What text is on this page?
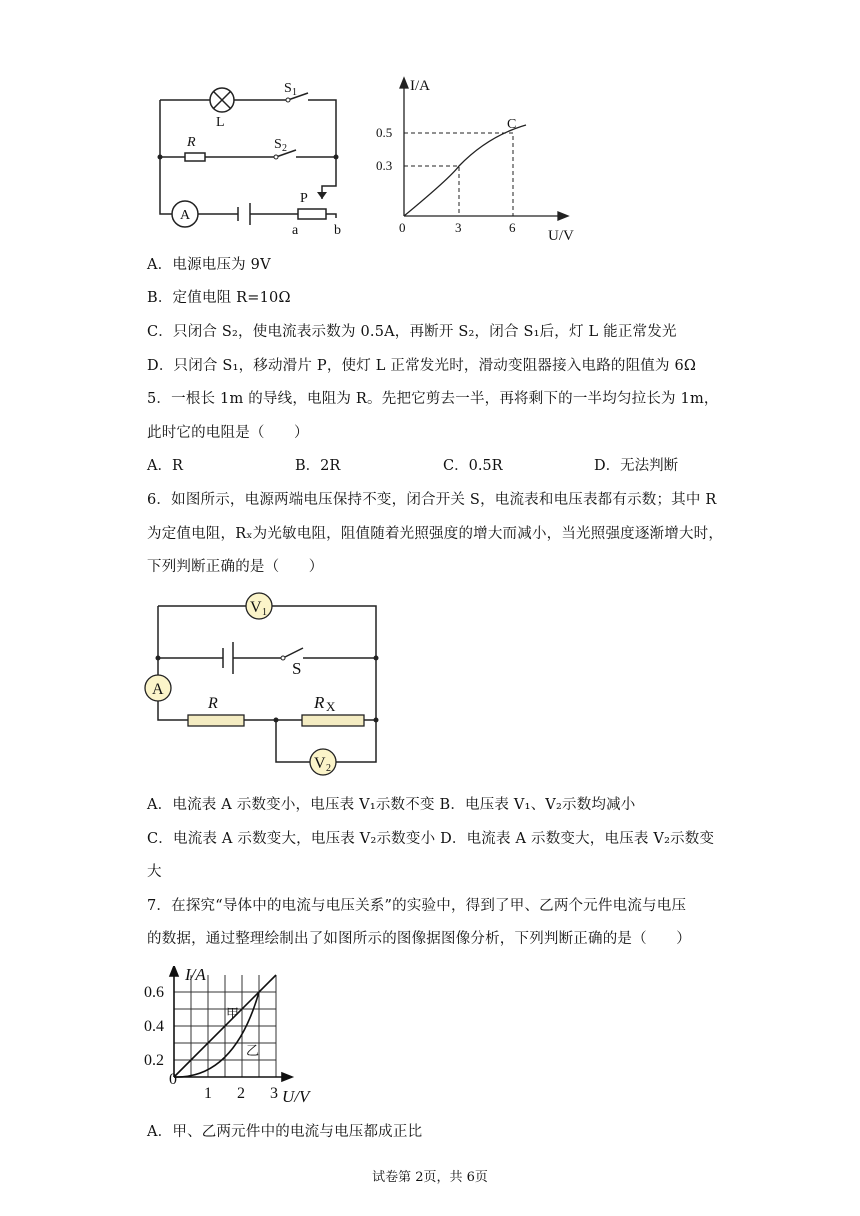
L
S 1
R	S 2
P
A
a	b
I/A
U/V
0
C
0.5
0.3
3	6
A．电源电压为 9V
B．定值电阻 R=10Ω
C．只闭合 S₂，使电流表示数为 0.5A，再断开 S₂，闭合 S₁后，灯 L 能正常发光
D．只闭合 S₁，移动滑片 P，使灯 L 正常发光时，滑动变阻器接入电路的阻值为 6Ω
5．一根长 1m 的导线，电阻为 R。先把它剪去一半，再将剩下的一半均匀拉长为 1m，
此时它的电阻是（　　）
A．R	B．2R	C．0.5R	D．无法判断
6．如图所示，电源两端电压保持不变，闭合开关 S，电流表和电压表都有示数；其中 R
为定值电阻，Rₓ为光敏电阻，阻值随着光照强度的增大而减小，当光照强度逐渐增大时，
下列判断正确的是（　　）
V 1
S
A
R	R X
V 2
A．电流表 A 示数变小，电压表 V₁示数不变 B．电压表 V₁、V₂示数均减小
C．电流表 A 示数变大，电压表 V₂示数变小 D．电流表 A 示数变大，电压表 V₂示数变
大
7．在探究“导体中的电流与电压关系”的实验中，得到了甲、乙两个元件电流与电压
的数据，通过整理绘制出了如图所示的图像据图像分析，下列判断正确的是（　　）
I/A
U/V
0
0.6
0.4
0.2
1 2 3
甲
乙
A．甲、乙两元件中的电流与电压都成正比
试卷第 2页，共 6页
